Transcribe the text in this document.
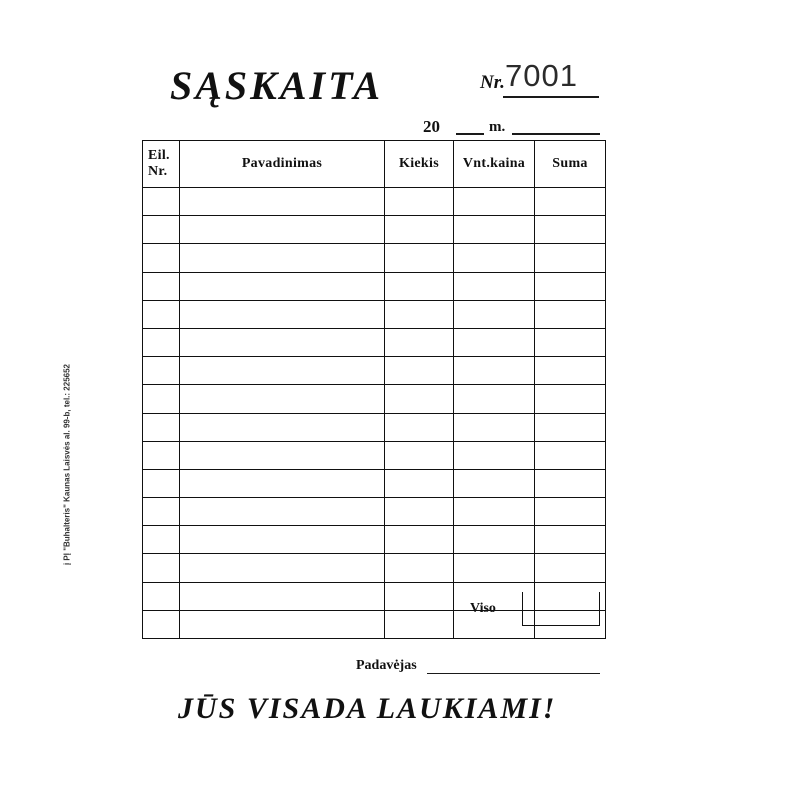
SĄSKAITA	Nr. 7001
20	m.
į PĮ "Buhalteris" Kaunas Laisvės al. 99-b, tel.: 225652
Eil.
Nr.	Pavadinimas	Kiekis	Vnt.kaina	Suma

Viso
Padavėjas
JŪS VISADA LAUKIAMI!
